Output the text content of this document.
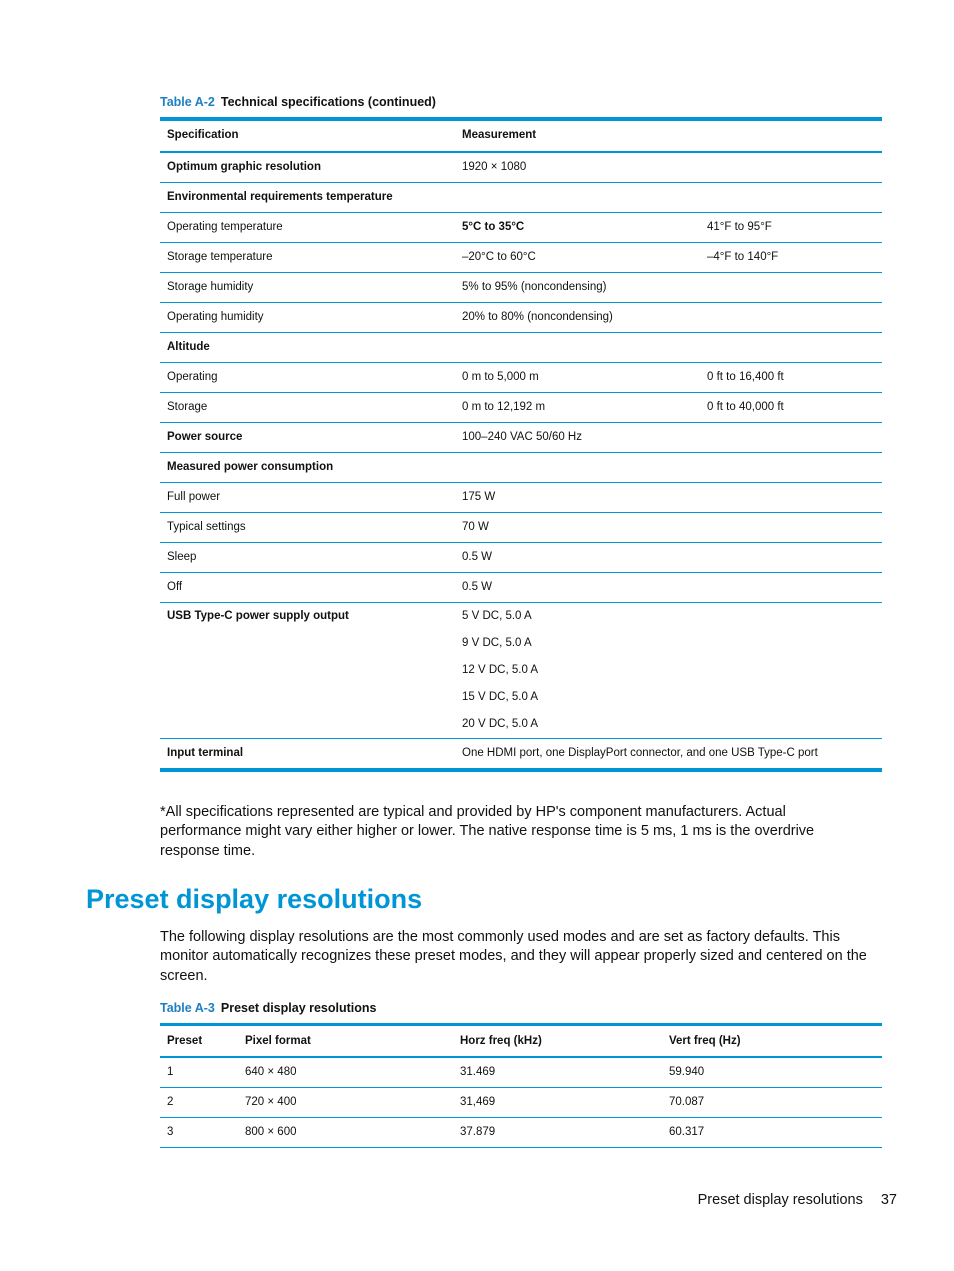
Table A-2 Technical specifications (continued)
Specification	Measurement	
Optimum graphic resolution	1920 × 1080	
Environmental requirements temperature		
Operating temperature	5°C to 35°C	41°F to 95°F
Storage temperature	–20°C to 60°C	–4°F to 140°F
Storage humidity	5% to 95% (noncondensing)	
Operating humidity	20% to 80% (noncondensing)	
Altitude		
Operating	0 m to 5,000 m	0 ft to 16,400 ft
Storage	0 m to 12,192 m	0 ft to 40,000 ft
Power source	100–240 VAC 50/60 Hz	
Measured power consumption		
Full power	175 W	
Typical settings	70 W	
Sleep	0.5 W	
Off	0.5 W	
USB Type-C power supply output	5 V DC, 5.0 A
9 V DC, 5.0 A
12 V DC, 5.0 A
15 V DC, 5.0 A
20 V DC, 5.0 A	

Input terminal	One HDMI port, one DisplayPort connector, and one USB Type-C port	
*All specifications represented are typical and provided by HP's component manufacturers. Actual performance might vary either higher or lower. The native response time is 5 ms, 1 ms is the overdrive response time.
Preset display resolutions
The following display resolutions are the most commonly used modes and are set as factory defaults. This monitor automatically recognizes these preset modes, and they will appear properly sized and centered on the screen.
Table A-3 Preset display resolutions
Preset	Pixel format	Horz freq (kHz)	Vert freq (Hz)
1	640 × 480	31.469	59.940
2	720 × 400	31,469	70.087
3	800 × 600	37.879	60.317
Preset display resolutions 37
